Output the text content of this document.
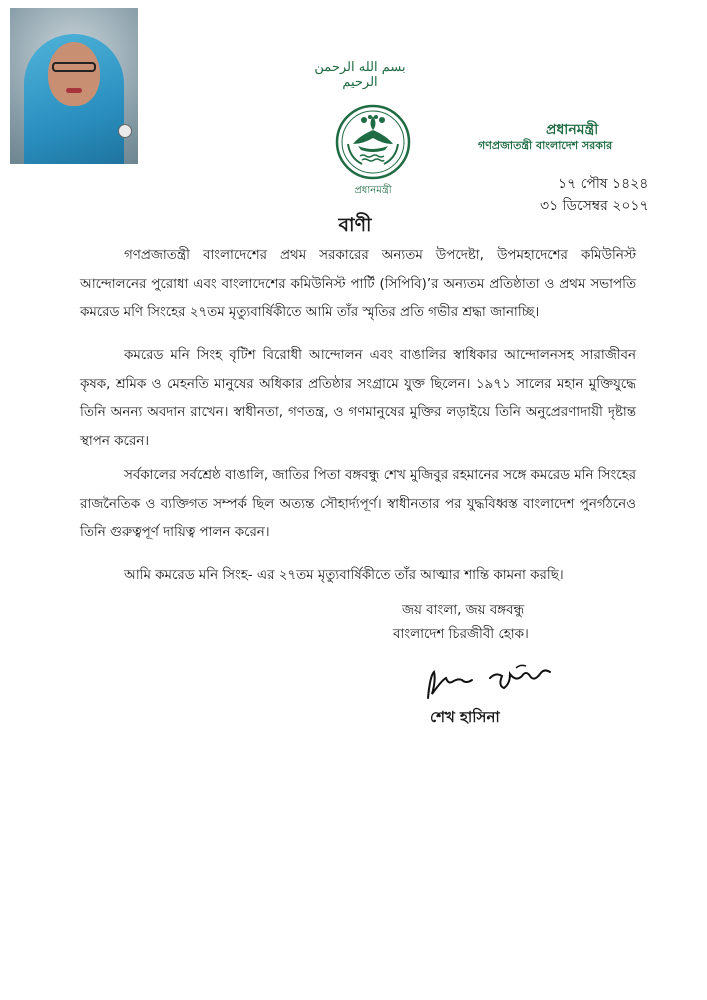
بسم الله الرحمن الرحيم
প্রধানমন্ত্রী
প্রধানমন্ত্রী
গণপ্রজাতন্ত্রী বাংলাদেশ সরকার
১৭ পৌষ ১৪২৪
৩১ ডিসেম্বর ২০১৭
বাণী
গণপ্রজাতন্ত্রী বাংলাদেশের প্রথম সরকারের অন্যতম উপদেষ্টা, উপমহাদেশের কমিউনিস্ট আন্দোলনের পুরোধা এবং বাংলাদেশের কমিউনিস্ট পার্টি (সিপিবি)’র অন্যতম প্রতিষ্ঠাতা ও প্রথম সভাপতি কমরেড মণি সিংহের ২৭তম মৃত্যুবার্ষিকীতে আমি তাঁর স্মৃতির প্রতি গভীর শ্রদ্ধা জানাচ্ছি।
কমরেড মনি সিংহ বৃটিশ বিরোধী আন্দোলন এবং বাঙালির স্বাধিকার আন্দোলনসহ সারাজীবন কৃষক, শ্রমিক ও মেহনতি মানুষের অধিকার প্রতিষ্ঠার সংগ্রামে যুক্ত ছিলেন। ১৯৭১ সালের মহান মুক্তিযুদ্ধে তিনি অনন্য অবদান রাখেন। স্বাধীনতা, গণতন্ত্র, ও গণমানুষের মুক্তির লড়াইয়ে তিনি অনুপ্রেরণাদায়ী দৃষ্টান্ত স্থাপন করেন।
সর্বকালের সর্বশ্রেষ্ঠ বাঙালি, জাতির পিতা বঙ্গবন্ধু শেখ মুজিবুর রহমানের সঙ্গে কমরেড মনি সিংহের রাজনৈতিক ও ব্যক্তিগত সম্পর্ক ছিল অত্যন্ত সৌহার্দ্যপূর্ণ। স্বাধীনতার পর যুদ্ধবিধ্বস্ত বাংলাদেশ পুনর্গঠনেও তিনি গুরুত্বপূর্ণ দায়িত্ব পালন করেন।
আমি কমরেড মনি সিংহ- এর ২৭তম মৃত্যুবার্ষিকীতে তাঁর আত্মার শান্তি কামনা করছি।
জয় বাংলা, জয় বঙ্গবন্ধু
বাংলাদেশ চিরজীবী হোক।
শেখ হাসিনা
